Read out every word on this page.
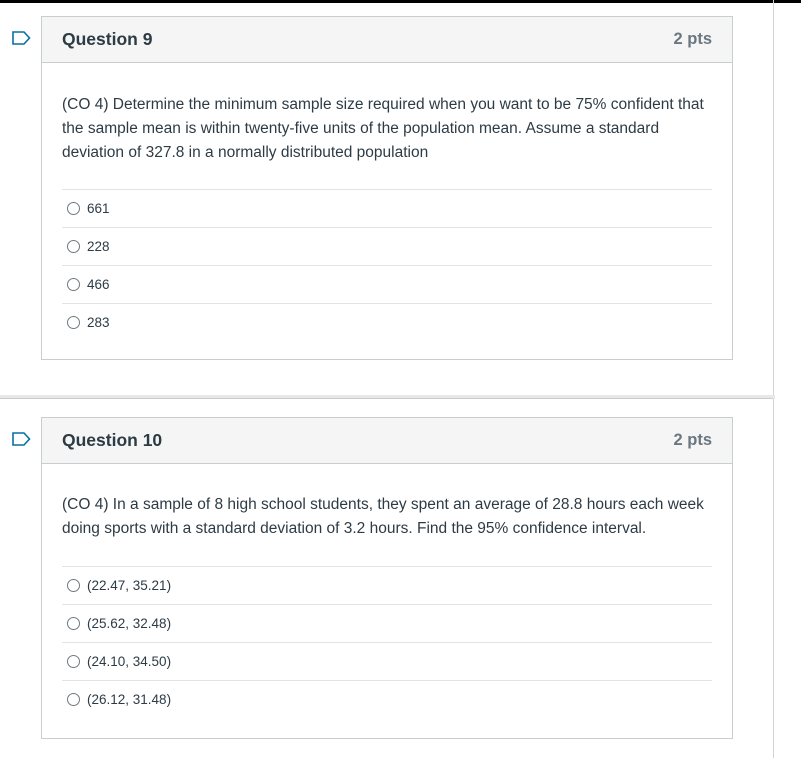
Question 9	2 pts

(CO 4) Determine the minimum sample size required when you want to be 75% confident that the sample mean is within twenty-five units of the population mean. Assume a standard deviation of 327.8 in a normally distributed population

661
228
466
283
Question 10	2 pts

(CO 4) In a sample of 8 high school students, they spent an average of 28.8 hours each week doing sports with a standard deviation of 3.2 hours. Find the 95% confidence interval.

(22.47, 35.21)
(25.62, 32.48)
(24.10, 34.50)
(26.12, 31.48)
